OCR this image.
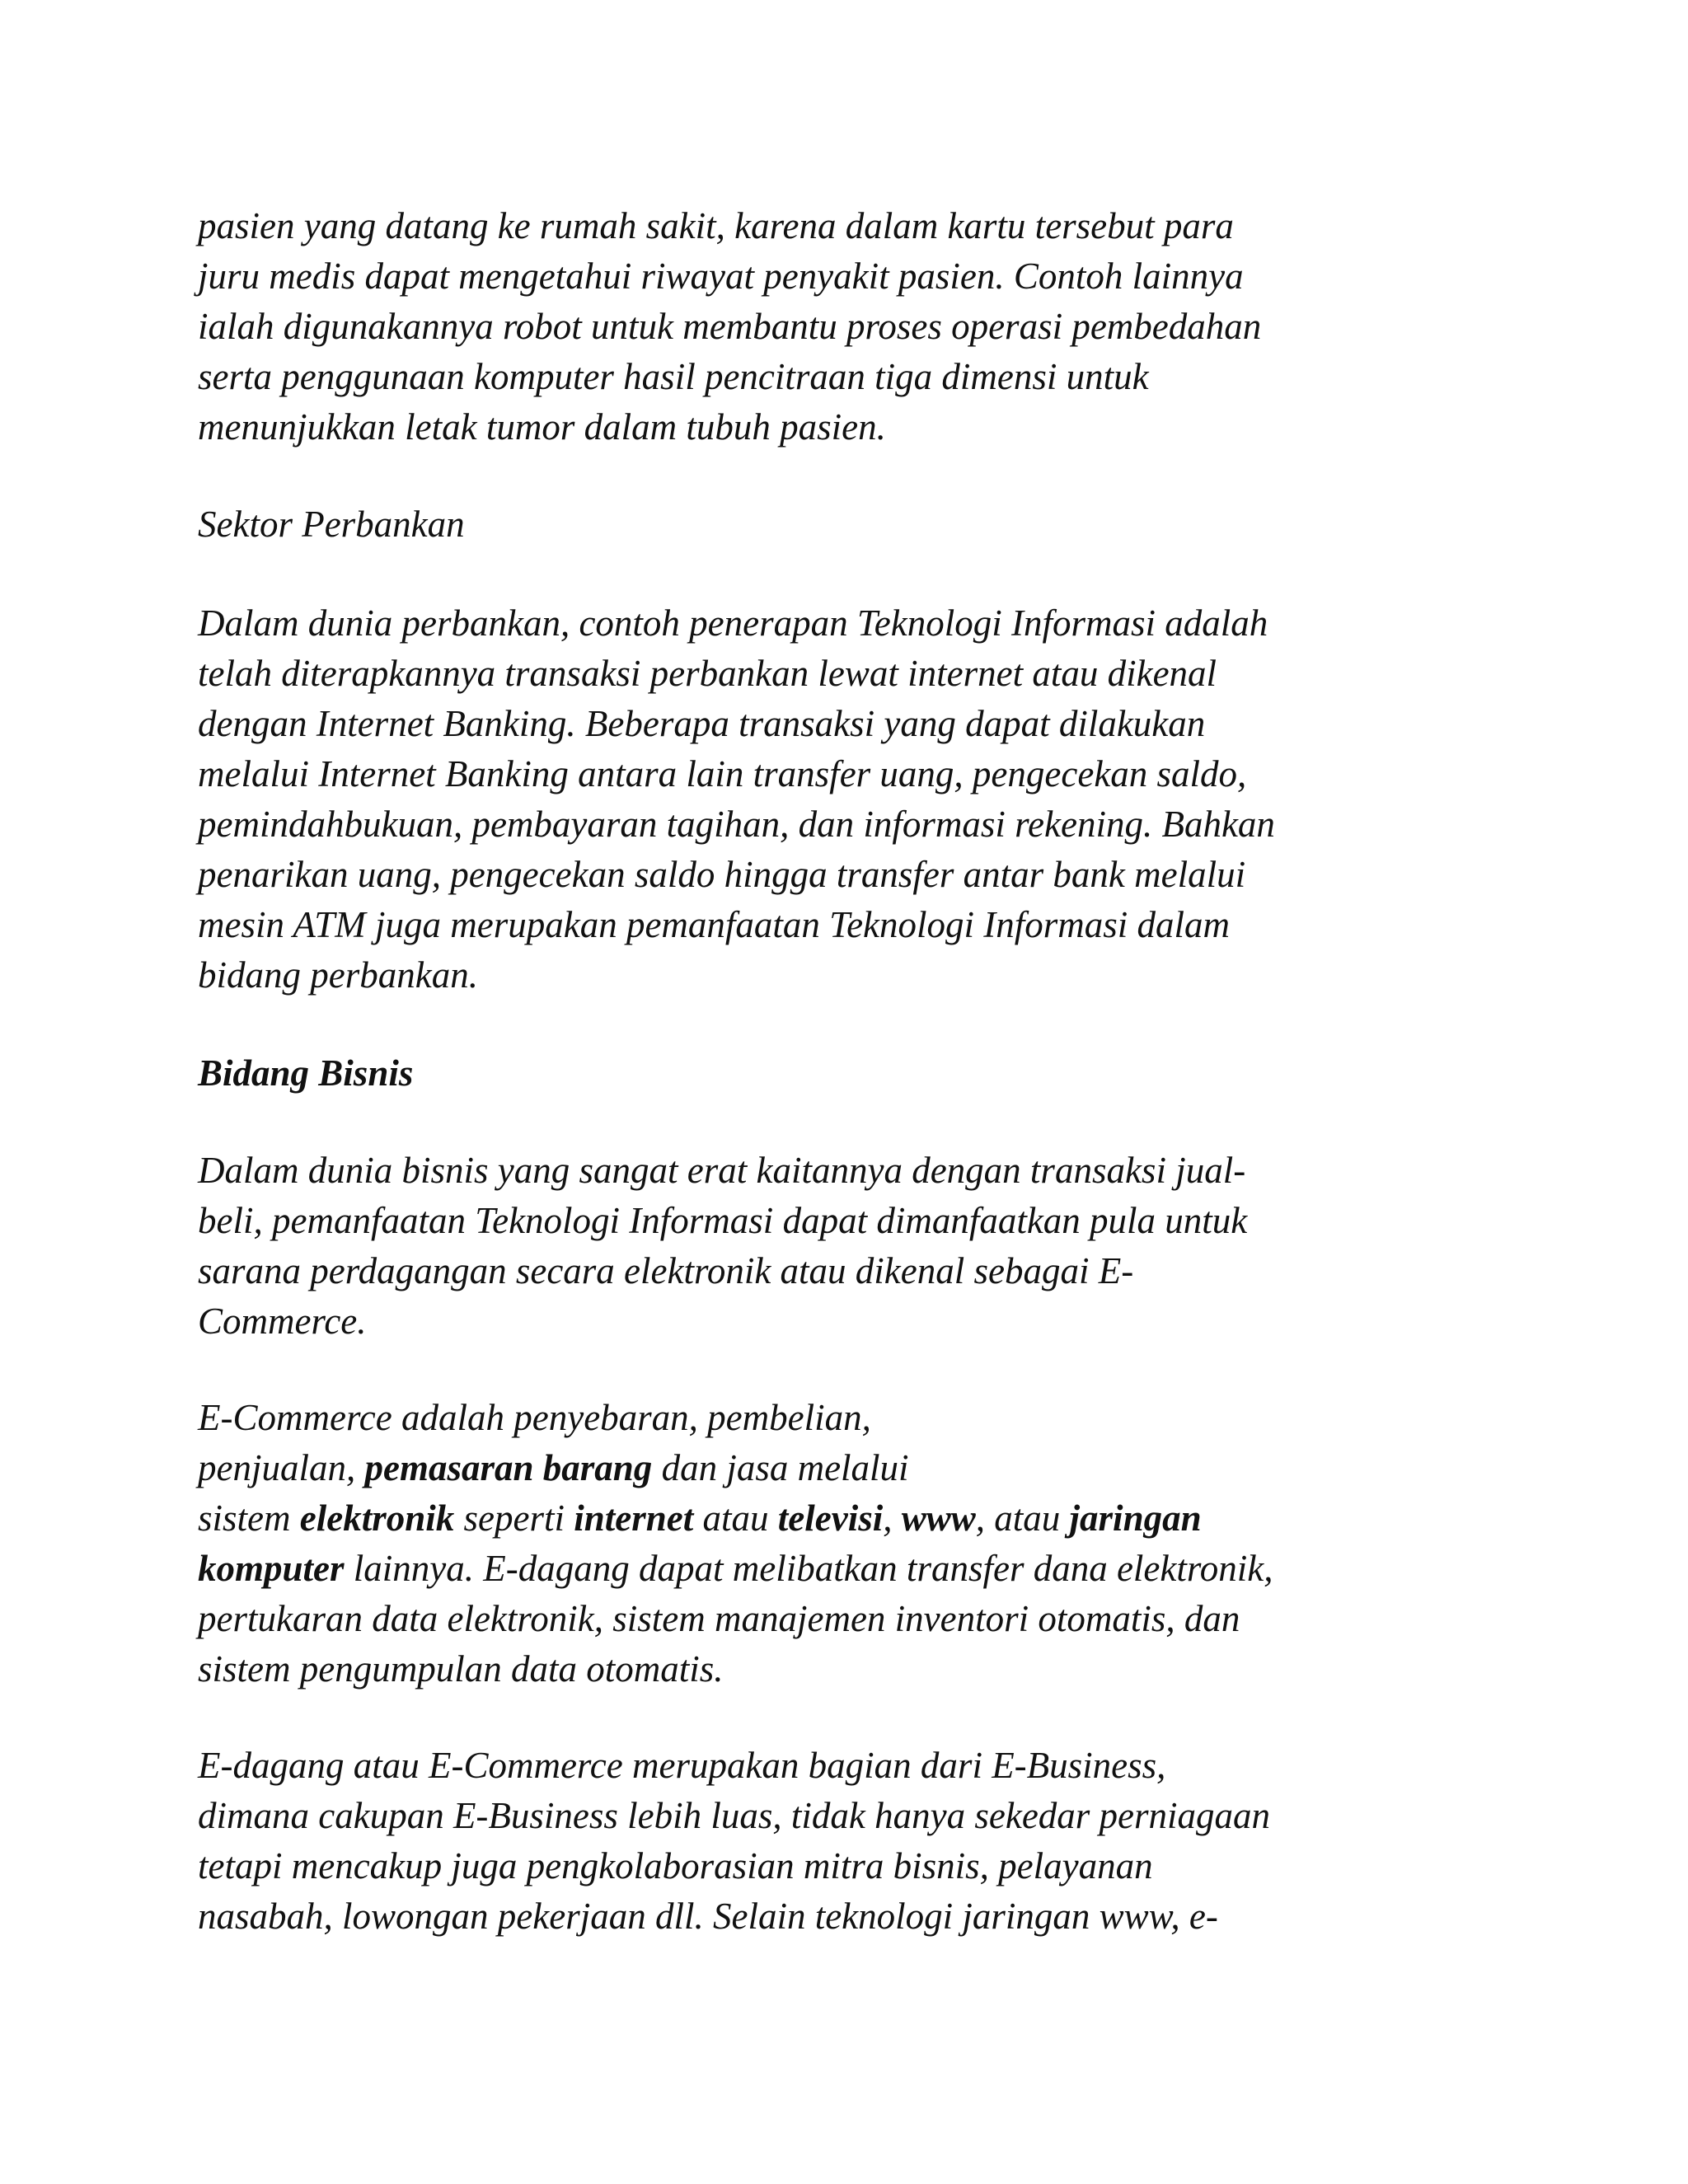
pasien yang datang ke rumah sakit, karena dalam kartu tersebut para
juru medis dapat mengetahui riwayat penyakit pasien. Contoh lainnya
ialah digunakannya robot untuk membantu proses operasi pembedahan
serta penggunaan komputer hasil pencitraan tiga dimensi untuk
menunjukkan letak tumor dalam tubuh pasien.

Sektor Perbankan

Dalam dunia perbankan, contoh penerapan Teknologi Informasi adalah
telah diterapkannya transaksi perbankan lewat internet atau dikenal
dengan Internet Banking. Beberapa transaksi yang dapat dilakukan
melalui Internet Banking antara lain transfer uang, pengecekan saldo,
pemindahbukuan, pembayaran tagihan, dan informasi rekening. Bahkan
penarikan uang, pengecekan saldo hingga transfer antar bank melalui
mesin ATM juga merupakan pemanfaatan Teknologi Informasi dalam
bidang perbankan.

Bidang Bisnis

Dalam dunia bisnis yang sangat erat kaitannya dengan transaksi jual-
beli, pemanfaatan Teknologi Informasi dapat dimanfaatkan pula untuk
sarana perdagangan secara elektronik atau dikenal sebagai E-
Commerce.

E-Commerce adalah penyebaran, pembelian,
penjualan, pemasaran barang dan jasa melalui
sistem elektronik seperti internet atau televisi, www, atau jaringan
komputer lainnya. E-dagang dapat melibatkan transfer dana elektronik,
pertukaran data elektronik, sistem manajemen inventori otomatis, dan
sistem pengumpulan data otomatis.

E-dagang atau E-Commerce merupakan bagian dari E-Business,
dimana cakupan E-Business lebih luas, tidak hanya sekedar perniagaan
tetapi mencakup juga pengkolaborasian mitra bisnis, pelayanan
nasabah, lowongan pekerjaan dll. Selain teknologi jaringan www, e-
